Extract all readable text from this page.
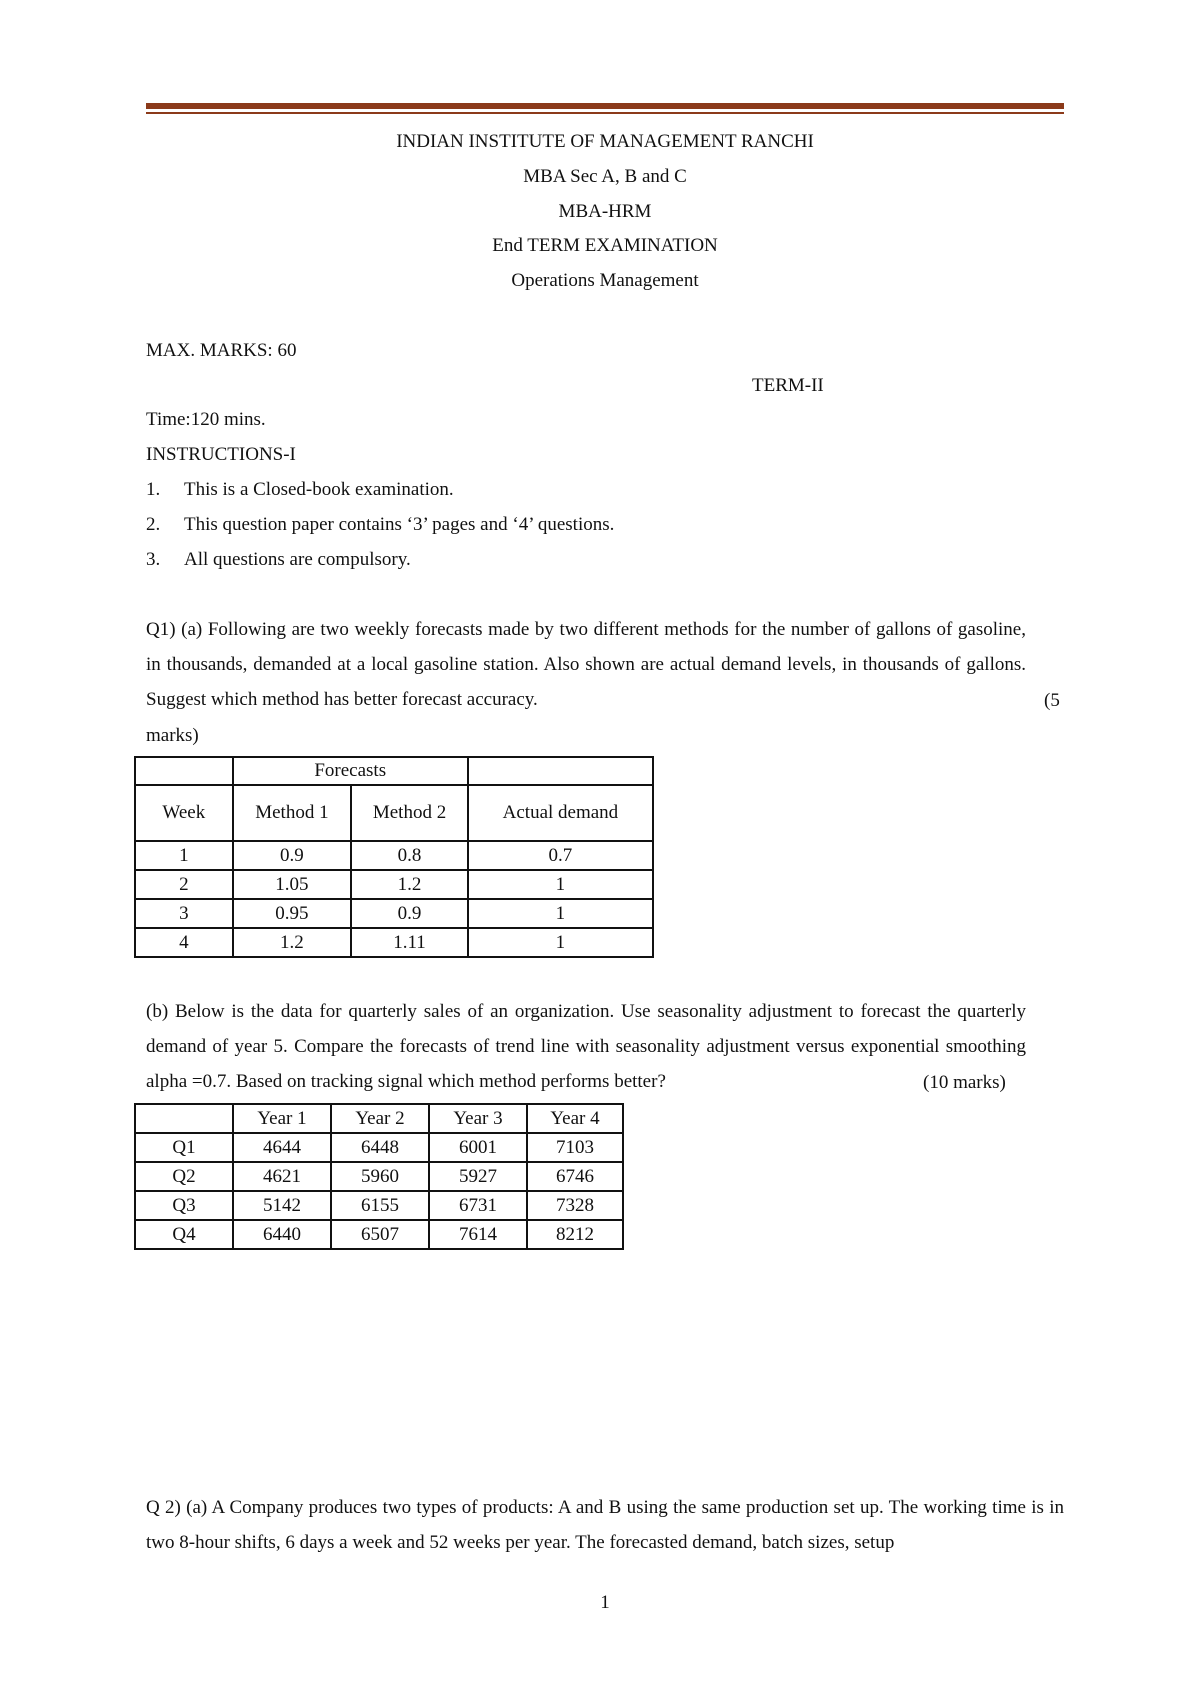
INDIAN INSTITUTE OF MANAGEMENT RANCHI
MBA Sec A, B and C
MBA-HRM
End TERM EXAMINATION
Operations Management
MAX. MARKS: 60
TERM-II
Time:120 mins.
INSTRUCTIONS-I
1. This is a Closed-book examination.
2. This question paper contains ‘3’ pages and ‘4’ questions.
3. All questions are compulsory.
Q1) (a) Following are two weekly forecasts made by two different methods for the number of gallons of gasoline, in thousands, demanded at a local gasoline station. Also shown are actual demand levels, in thousands of gallons. Suggest which method has better forecast accuracy.	(5
marks)
	Forecasts		
Week	Method 1	Method 2	Actual demand
1	0.9	0.8	0.7
2	1.05	1.2	1
3	0.95	0.9	1
4	1.2	1.11	1
(b) Below is the data for quarterly sales of an organization. Use seasonality adjustment to forecast the quarterly demand of year 5. Compare the forecasts of trend line with seasonality adjustment versus exponential smoothing alpha =0.7. Based on tracking signal which method performs better?	(10 marks)
	Year 1	Year 2	Year 3	Year 4
Q1	4644	6448	6001	7103
Q2	4621	5960	5927	6746
Q3	5142	6155	6731	7328
Q4	6440	6507	7614	8212
Q 2) (a) A Company produces two types of products: A and B using the same production set up. The working time is in two 8-hour shifts, 6 days a week and 52 weeks per year. The forecasted demand, batch sizes, setup
1
